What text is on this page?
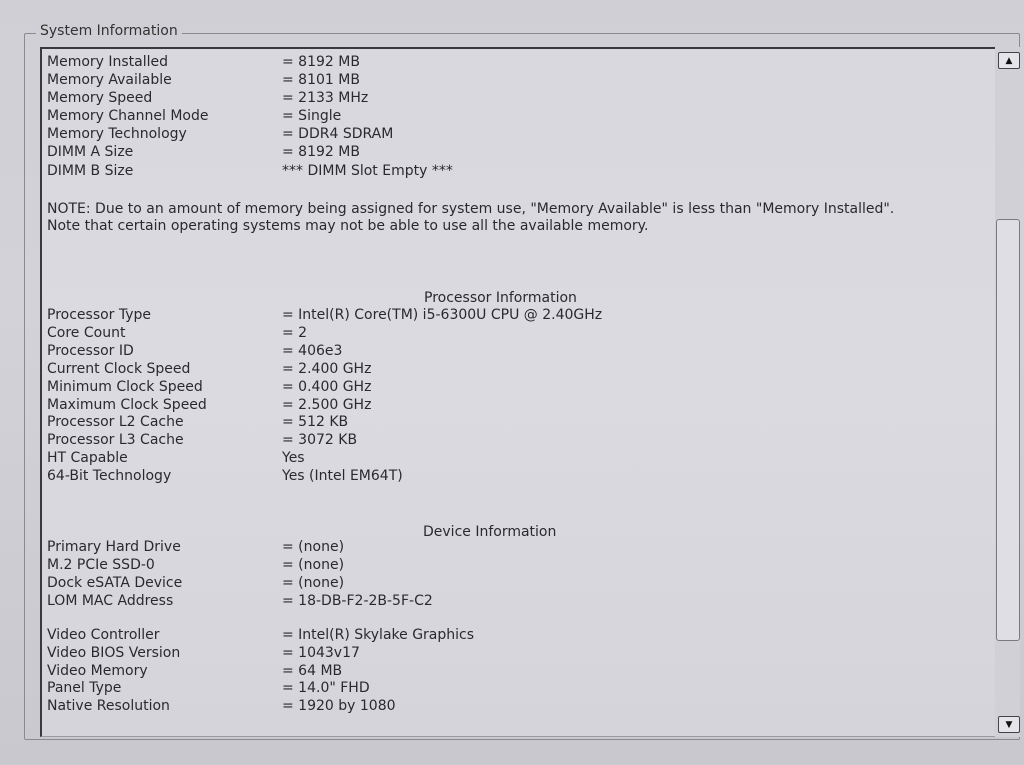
System Information
Memory Installed	= 8192 MB
Memory Available	= 8101 MB
Memory Speed	= 2133 MHz
Memory Channel Mode	= Single
Memory Technology	= DDR4 SDRAM
DIMM A Size	= 8192 MB
DIMM B Size	*** DIMM Slot Empty ***
NOTE: Due to an amount of memory being assigned for system use, "Memory Available" is less than "Memory Installed". Note that certain operating systems may not be able to use all the available memory.
Processor Information
Processor Type	= Intel(R) Core(TM) i5-6300U CPU @ 2.40GHz
Core Count	= 2
Processor ID	= 406e3
Current Clock Speed	= 2.400 GHz
Minimum Clock Speed	= 0.400 GHz
Maximum Clock Speed	= 2.500 GHz
Processor L2 Cache	= 512 KB
Processor L3 Cache	= 3072 KB
HT Capable	Yes
64-Bit Technology	Yes (Intel EM64T)
Device Information
Primary Hard Drive	= (none)
M.2 PCIe SSD-0	= (none)
Dock eSATA Device	= (none)
LOM MAC Address	= 18-DB-F2-2B-5F-C2
Video Controller	= Intel(R) Skylake Graphics
Video BIOS Version	= 1043v17
Video Memory	= 64 MB
Panel Type	= 14.0" FHD
Native Resolution	= 1920 by 1080
▲
▼
